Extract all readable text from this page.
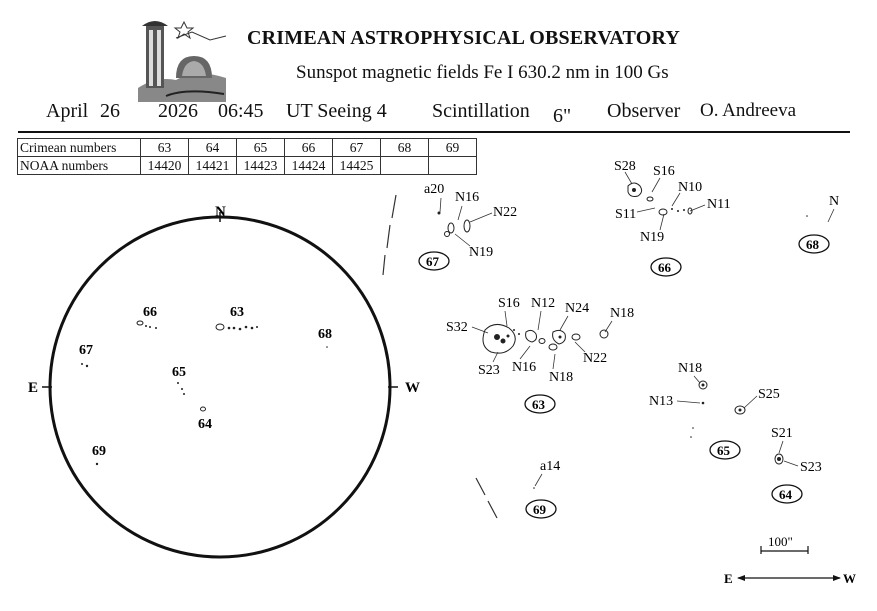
CRIMEAN ASTROPHYSICAL OBSERVATORY
Sunspot magnetic fields Fe I 630.2 nm in 100 Gs
April 26 2026 06:45 UT Seeing 4 Scintillation 6" Observer O. Andreeva
Crimean numbers	63	64	65	66	67	68	69
NOAA numbers	14420	14421	14423	14424	14425		
N
E	W
66	63
68
67
65
64
69
a20
N16
N22
N19
67
S28 S16
N10
N11
S11
N19
66
N
68
S16 N12 N24 N18
S32
S23 N16
N18
N22
63
N18
N13	S25
65
S21
S23
64
a14
69
100"
E	W
